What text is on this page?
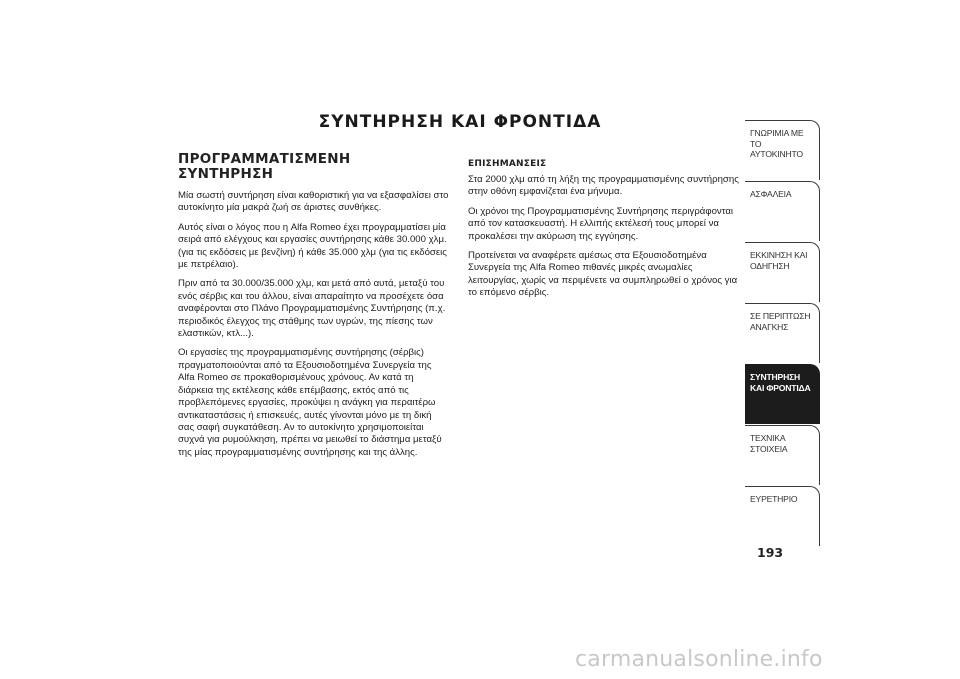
ΣΥΝΤΗΡΗΣΗ ΚΑΙ ΦΡΟΝΤΙΔΑ
ΠΡΟΓΡΑΜΜΑΤΙΣΜΕΝΗ ΣΥΝΤΗΡΗΣΗ

Μία σωστή συντήρηση είναι καθοριστική για να εξασφαλίσει στο αυτοκίνητο μία μακρά ζωή σε άριστες συνθήκες.

Αυτός είναι ο λόγος που η Alfa Romeo έχει προγραμματίσει μία σειρά από ελέγχους και εργασίες συντήρησης κάθε 30.000 χλμ. (για τις εκδόσεις με βενζίνη) ή κάθε 35.000 χλμ (για τις εκδόσεις με πετρέλαιο).

Πριν από τα 30.000/35.000 χλμ, και μετά από αυτά, μεταξύ του ενός σέρβις και του άλλου, είναι απαραίτητο να προσέχετε όσα αναφέρονται στο Πλάνο Προγραμματισμένης Συντήρησης (π.χ. περιοδικός έλεγχος της στάθμης των υγρών, της πίεσης των ελαστικών, κτλ...).

Οι εργασίες της προγραμματισμένης συντήρησης (σέρβις) πραγματοποιούνται από τα Εξουσιοδοτημένα Συνεργεία της Alfa Romeo σε προκαθορισμένους χρόνους. Αν κατά τη διάρκεια της εκτέλεσης κάθε επέμβασης, εκτός από τις προβλεπόμενες εργασίες, προκύψει η ανάγκη για περαιτέρω αντικαταστάσεις ή επισκευές, αυτές γίνονται μόνο με τη δική σας σαφή συγκατάθεση. Αν το αυτοκίνητο χρησιμοποιείται συχνά για ρυμούλκηση, πρέπει να μειωθεί το διάστημα μεταξύ της μίας προγραμματισμένης συντήρησης και της άλλης.

ΕΠΙΣΗΜΑΝΣΕΙΣ

Στα 2000 χλμ από τη λήξη της προγραμματισμένης συντήρησης στην οθόνη εμφανίζεται ένα μήνυμα.

Οι χρόνοι της Προγραμματισμένης Συντήρησης περιγράφονται από τον κατασκευαστή. Η ελλιπής εκτέλεσή τους μπορεί να προκαλέσει την ακύρωση της εγγύησης.

Προτείνεται να αναφέρετε αμέσως στα Εξουσιοδοτημένα Συνεργεία της Alfa Romeo πιθανές μικρές ανωμαλίες λειτουργίας, χωρίς να περιμένετε να συμπληρωθεί ο χρόνος για το επόμενο σέρβις.

ΓΝΩΡΙΜΙΑ ΜΕ ΤΟ ΑΥΤΟΚΙΝΗΤΟ
ΑΣΦΑΛΕΙΑ
ΕΚΚΙΝΗΣΗ ΚΑΙ ΟΔΗΓΗΣΗ
ΣΕ ΠΕΡΙΠΤΩΣΗ ΑΝΑΓΚΗΣ
ΣΥΝΤΗΡΗΣΗ ΚΑΙ ΦΡΟΝΤΙΔΑ
ΤΕΧΝΙΚΑ ΣΤΟΙΧΕΙΑ
ΕΥΡΕΤΗΡΙΟ
193
carmanualsonline.info
